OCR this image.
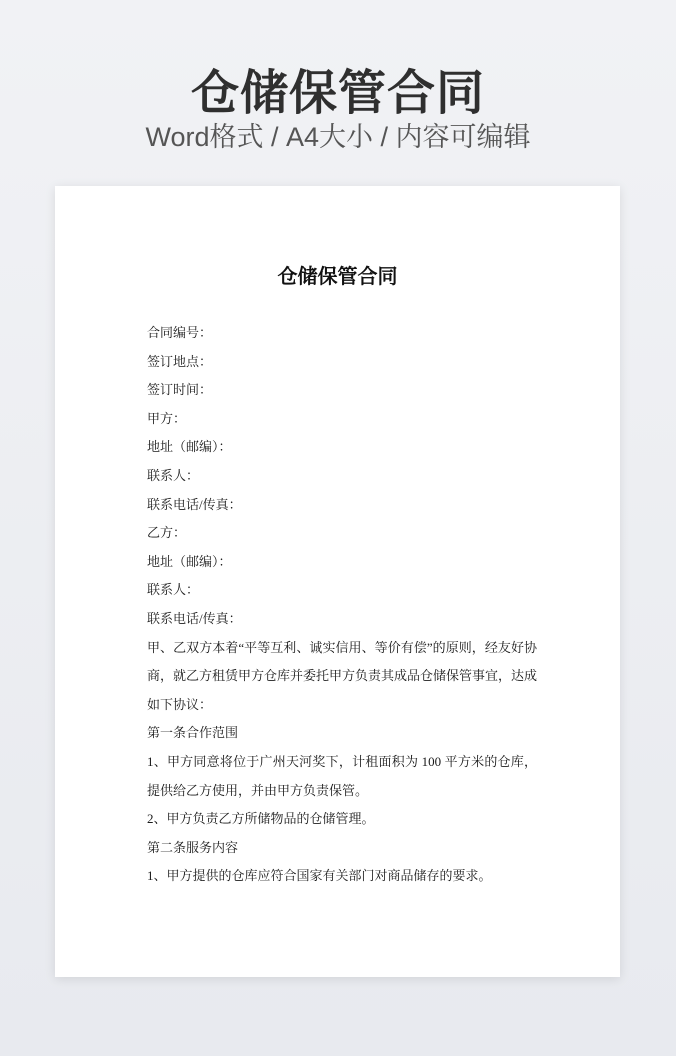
仓储保管合同
Word格式 / A4大小 / 内容可编辑
仓储保管合同
合同编号：
签订地点：
签订时间：
甲方：
地址（邮编）：
联系人：
联系电话/传真：
乙方：
地址（邮编）：
联系人：
联系电话/传真：
甲、乙双方本着“平等互利、诚实信用、等价有偿”的原则，经友好协商，就乙方租赁甲方仓库并委托甲方负责其成品仓储保管事宜，达成如下协议：
第一条合作范围
1、甲方同意将位于广州天河奖下，计租面积为 100 平方米的仓库，提供给乙方使用，并由甲方负责保管。
2、甲方负责乙方所储物品的仓储管理。
第二条服务内容
1、甲方提供的仓库应符合国家有关部门对商品储存的要求。
